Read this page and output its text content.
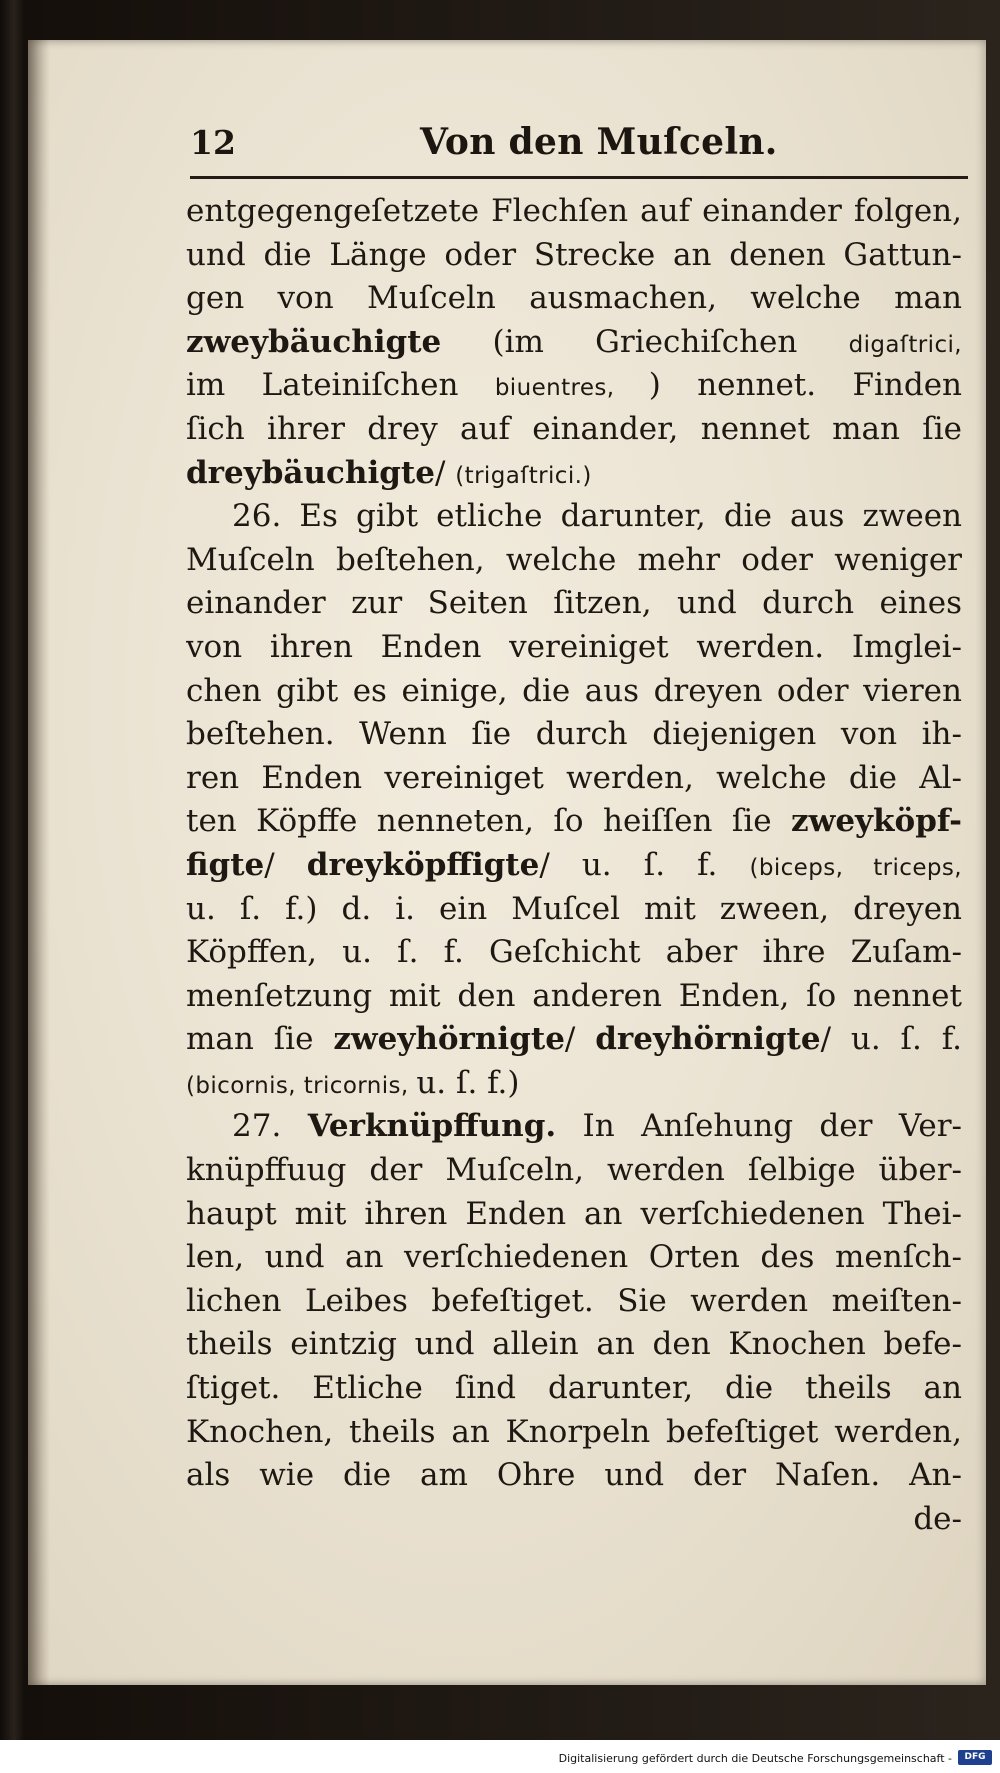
12	Von den Muſceln.
entgegengeſetzete Flechſen auf einander folgen,
und die Länge oder Strecke an denen Gattun-
gen von Muſceln ausmachen, welche man
zweybäuchigte (im Griechiſchen digaſtrici,
im Lateiniſchen biuentres, ) nennet. Finden
ſich ihrer drey auf einander, nennet man ſie
dreybäuchigte/ (trigaſtrici.)
26. Es gibt etliche darunter, die aus zween
Muſceln beſtehen, welche mehr oder weniger
einander zur Seiten ſitzen, und durch eines
von ihren Enden vereiniget werden. Imglei-
chen gibt es einige, die aus dreyen oder vieren
beſtehen. Wenn ſie durch diejenigen von ih-
ren Enden vereiniget werden, welche die Al-
ten Köpffe nenneten, ſo heiſſen ſie zweyköpf-
figte/ dreyköpffigte/ u. ſ. f. (biceps, triceps,
u. ſ. f.) d. i. ein Muſcel mit zween, dreyen
Köpffen, u. ſ. f. Geſchicht aber ihre Zuſam-
menſetzung mit den anderen Enden, ſo nennet
man ſie zweyhörnigte/ dreyhörnigte/ u. ſ. f.
(bicornis, tricornis, u. ſ. f.)
27. Verknüpffung. In Anſehung der Ver-
knüpffuug der Muſceln, werden ſelbige über-
haupt mit ihren Enden an verſchiedenen Thei-
len, und an verſchiedenen Orten des menſch-
lichen Leibes befeſtiget. Sie werden meiſten-
theils eintzig und allein an den Knochen befe-
ſtiget. Etliche ſind darunter, die theils an
Knochen, theils an Knorpeln befeſtiget werden,
als wie die am Ohre und der Naſen. An-
de-
Digitalisierung gefördert durch die Deutsche Forschungsgemeinschaft -	DFG
